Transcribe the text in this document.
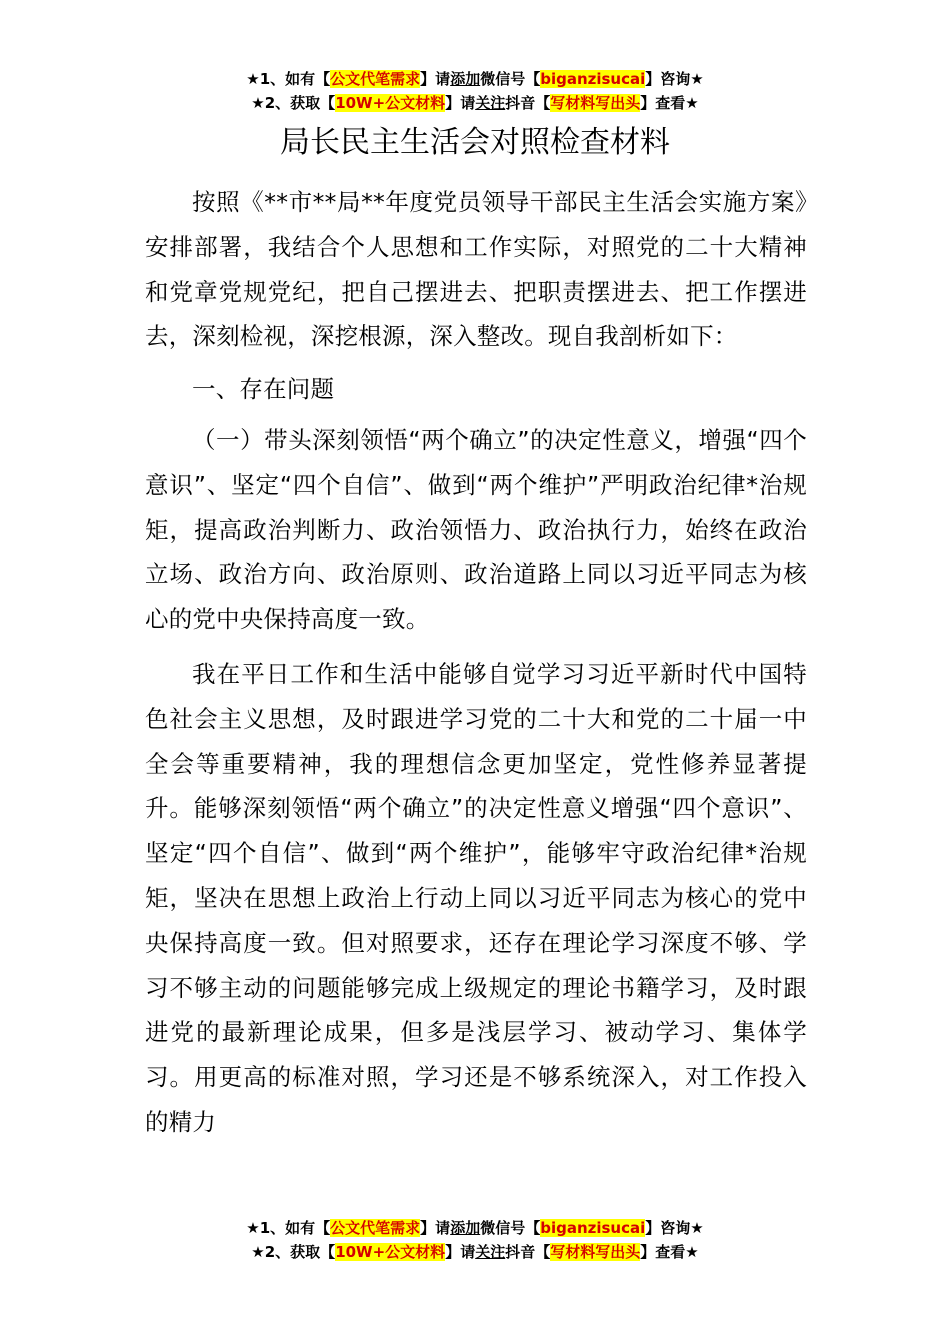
★1、如有【公文代笔需求】请添加微信号【biganzisucai】咨询★
★2、获取【10W+公文材料】请关注抖音【写材料写出头】查看★
局长民主生活会对照检查材料

按照《**市**局**年度党员领导干部民主生活会实施方案》安排部署，我结合个人思想和工作实际，对照党的二十大精神和党章党规党纪，把自己摆进去、把职责摆进去、把工作摆进去，深刻检视，深挖根源，深入整改。现自我剖析如下：

一、存在问题

（一）带头深刻领悟“两个确立”的决定性意义，增强“四个意识”、坚定“四个自信”、做到“两个维护”严明政治纪律*治规矩，提高政治判断力、政治领悟力、政治执行力，始终在政治立场、政治方向、政治原则、政治道路上同以习近平同志为核心的党中央保持高度一致。

我在平日工作和生活中能够自觉学习习近平新时代中国特色社会主义思想，及时跟进学习党的二十大和党的二十届一中全会等重要精神，我的理想信念更加坚定，党性修养显著提升。能够深刻领悟“两个确立”的决定性意义增强“四个意识”、坚定“四个自信”、做到“两个维护”，能够牢守政治纪律*治规矩，坚决在思想上政治上行动上同以习近平同志为核心的党中央保持高度一致。但对照要求，还存在理论学习深度不够、学习不够主动的问题能够完成上级规定的理论书籍学习，及时跟进党的最新理论成果，但多是浅层学习、被动学习、集体学习。用更高的标准对照，学习还是不够系统深入，对工作投入的精力

★1、如有【公文代笔需求】请添加微信号【biganzisucai】咨询★
★2、获取【10W+公文材料】请关注抖音【写材料写出头】查看★
